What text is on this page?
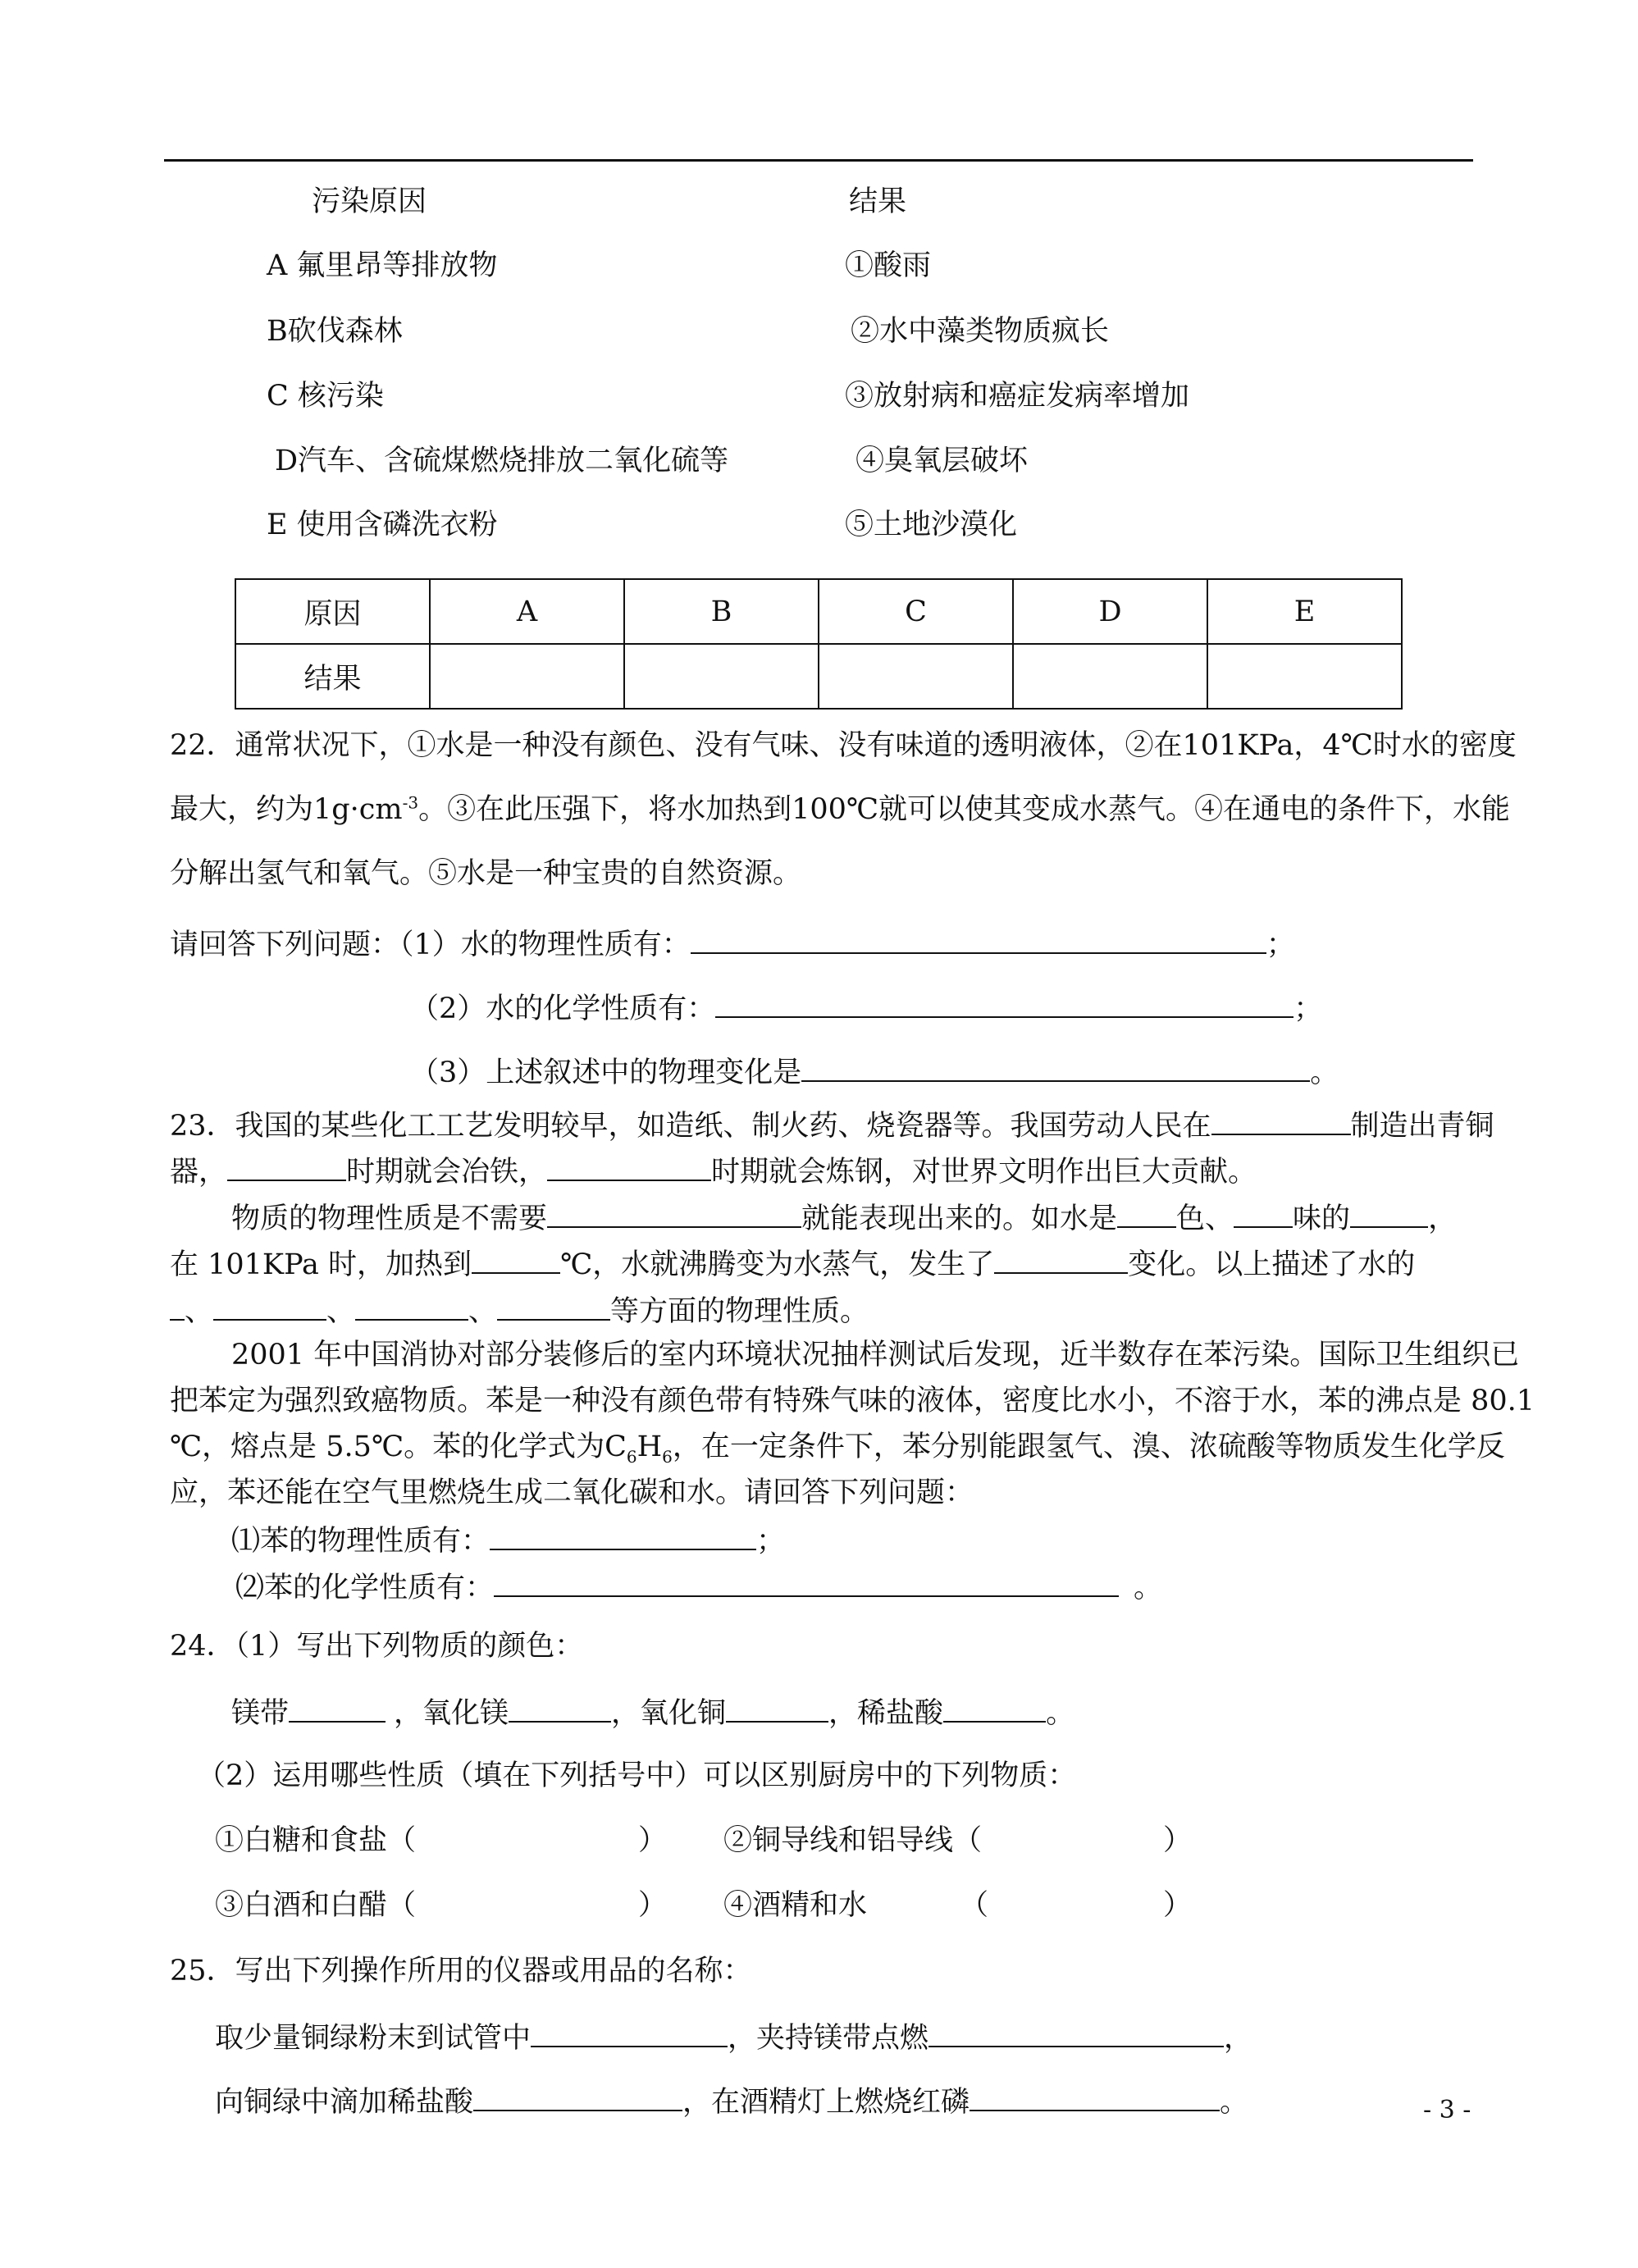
污染原因	结果
A 氟里昂等排放物	①酸雨
B砍伐森林	②水中藻类物质疯长
C 核污染	③放射病和癌症发病率增加
D汽车、含硫煤燃烧排放二氧化硫等	④臭氧层破坏
E 使用含磷洗衣粉	⑤土地沙漠化
原因	A	B	C	D	E
结果					
22．通常状况下，①水是一种没有颜色、没有气味、没有味道的透明液体，②在101KPa，4℃时水的密度
最大，约为$1g\cdot cm^{-3}$。③在此压强下，将水加热到100℃就可以使其变成水蒸气。④在通电的条件下，水能
分解出氢气和氧气。⑤水是一种宝贵的自然资源。
请回答下列问题：（1）水的物理性质有：	；
（2）水的化学性质有：	；
（3）上述叙述中的物理变化是	。
23．我国的某些化工工艺发明较早，如造纸、制火药、烧瓷器等。我国劳动人民在	制造出青铜
器，	时期就会冶铁，	时期就会炼钢，对世界文明作出巨大贡献。
物质的物理性质是不需要	就能表现出来的。如水是 色、 味的	，
在 101KPa 时，加热到	℃，水就沸腾变为水蒸气，发生了	变化。以上描述了水的
、	、	、	等方面的物理性质。
2001 年中国消协对部分装修后的室内环境状况抽样测试后发现，近半数存在苯污染。国际卫生组织已
把苯定为强烈致癌物质。苯是一种没有颜色带有特殊气味的液体，密度比水小，不溶于水，苯的沸点是 80.1
℃，熔点是 5.5℃。苯的化学式为$C_6H_6$，在一定条件下，苯分别能跟氢气、溴、浓硫酸等物质发生化学反
应，苯还能在空气里燃烧生成二氧化碳和水。请回答下列问题：
⑴苯的物理性质有：	；
⑵苯的化学性质有：	。
24．（1）写出下列物质的颜色：
镁带	，氧化镁	，氧化铜	，稀盐酸	。
（2）运用哪些性质（填在下列括号中）可以区别厨房中的下列物质：
①白糖和食盐（	） ②铜导线和铝导线（	）
③白酒和白醋（	） ④酒精和水	（	）
25．写出下列操作所用的仪器或用品的名称：
取少量铜绿粉末到试管中	，夹持镁带点燃	，
向铜绿中滴加稀盐酸	，在酒精灯上燃烧红磷	。	- 3 -
